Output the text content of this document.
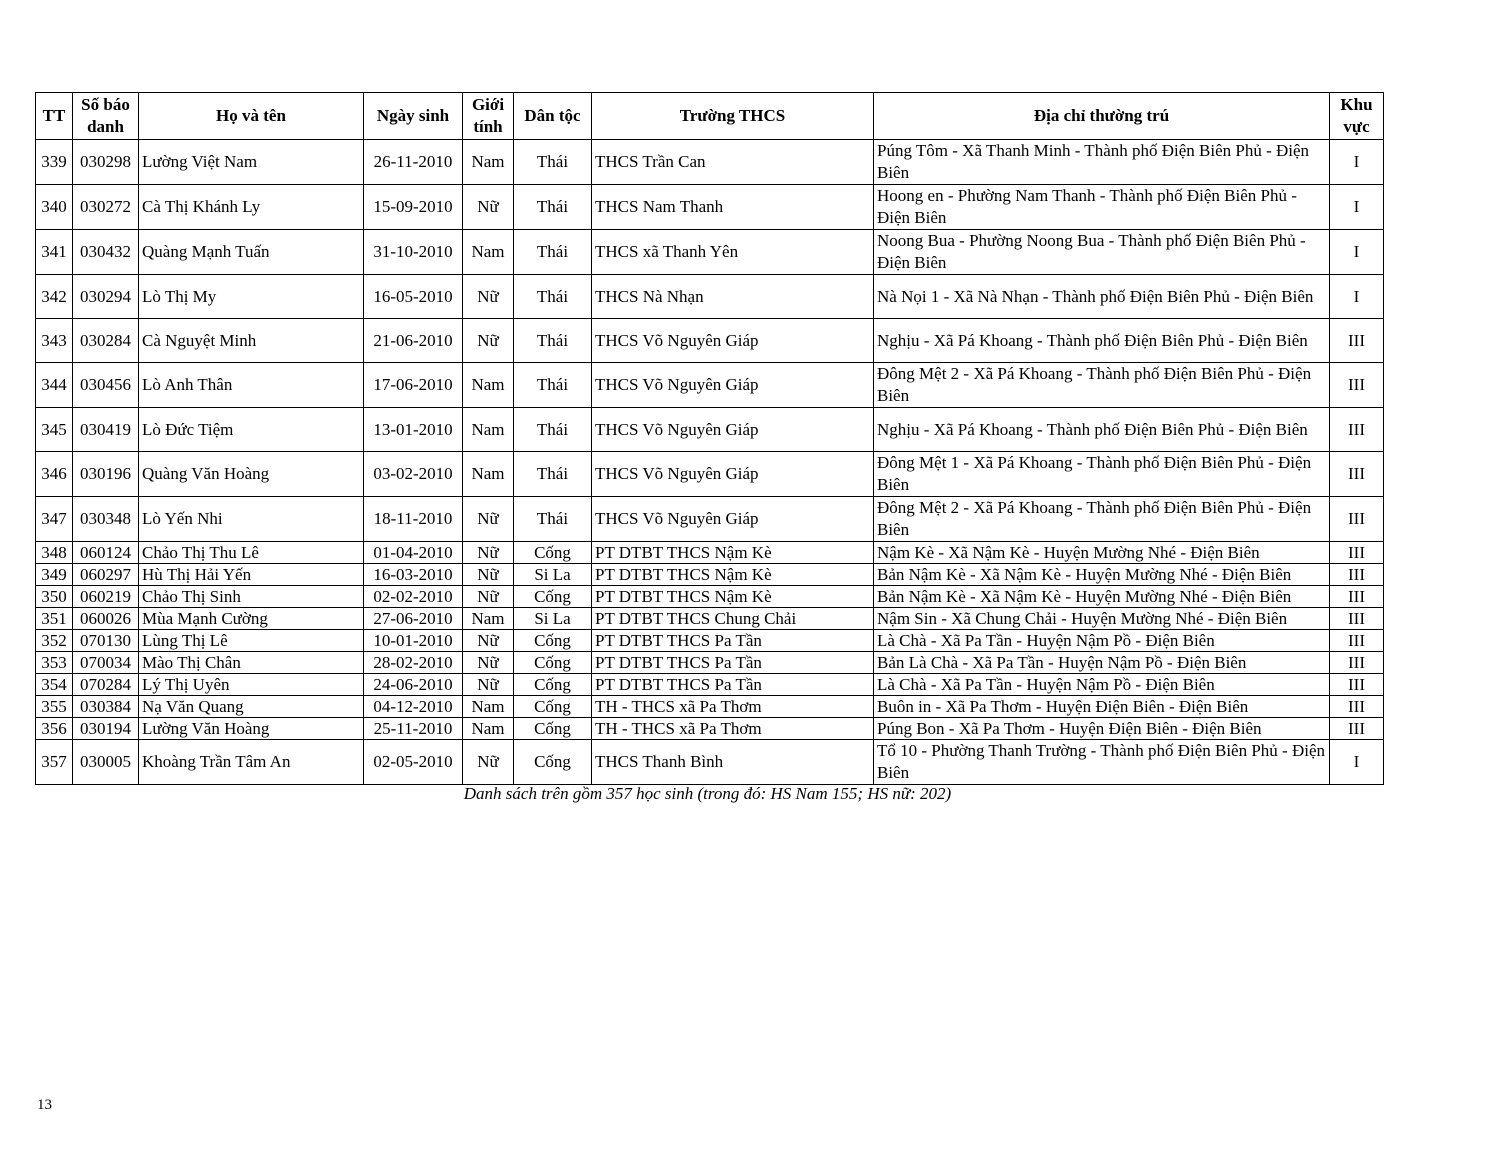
TT	Số báo danh	Họ và tên	Ngày sinh	Giới tính	Dân tộc	Trường THCS	Địa chỉ thường trú	Khu vực
339	030298	Lường Việt Nam	26-11-2010	Nam	Thái	THCS Trần Can	Púng Tôm - Xã Thanh Minh - Thành phố Điện Biên Phủ - Điện Biên	I
340	030272	Cà Thị Khánh Ly	15-09-2010	Nữ	Thái	THCS Nam Thanh	Hoong en - Phường Nam Thanh - Thành phố Điện Biên Phủ - Điện Biên	I
341	030432	Quàng Mạnh Tuấn	31-10-2010	Nam	Thái	THCS xã Thanh Yên	Noong Bua - Phường Noong Bua - Thành phố Điện Biên Phủ - Điện Biên	I
342	030294	Lò Thị My	16-05-2010	Nữ	Thái	THCS Nà Nhạn	Nà Nọi 1 - Xã Nà Nhạn - Thành phố Điện Biên Phủ - Điện Biên	I
343	030284	Cà Nguyệt Minh	21-06-2010	Nữ	Thái	THCS Võ Nguyên Giáp	Nghịu - Xã Pá Khoang - Thành phố Điện Biên Phủ - Điện Biên	III
344	030456	Lò Anh Thân	17-06-2010	Nam	Thái	THCS Võ Nguyên Giáp	Đông Mệt 2 - Xã Pá Khoang - Thành phố Điện Biên Phủ - Điện Biên	III
345	030419	Lò Đức Tiệm	13-01-2010	Nam	Thái	THCS Võ Nguyên Giáp	Nghịu - Xã Pá Khoang - Thành phố Điện Biên Phủ - Điện Biên	III
346	030196	Quàng Văn Hoàng	03-02-2010	Nam	Thái	THCS Võ Nguyên Giáp	Đông Mệt 1 - Xã Pá Khoang - Thành phố Điện Biên Phủ - Điện Biên	III
347	030348	Lò Yến Nhi	18-11-2010	Nữ	Thái	THCS Võ Nguyên Giáp	Đông Mệt 2 - Xã Pá Khoang - Thành phố Điện Biên Phủ - Điện Biên	III
348	060124	Chảo Thị Thu Lê	01-04-2010	Nữ	Cống	PT DTBT THCS Nậm Kè	Nậm Kè - Xã Nậm Kè - Huyện Mường Nhé - Điện Biên	III
349	060297	Hù Thị Hải Yến	16-03-2010	Nữ	Si La	PT DTBT THCS Nậm Kè	Bản Nậm Kè - Xã Nậm Kè - Huyện Mường Nhé - Điện Biên	III
350	060219	Chảo Thị Sinh	02-02-2010	Nữ	Cống	PT DTBT THCS Nậm Kè	Bản Nậm Kè - Xã Nậm Kè - Huyện Mường Nhé - Điện Biên	III
351	060026	Mùa Mạnh Cường	27-06-2010	Nam	Si La	PT DTBT THCS Chung Chải	Nậm Sin - Xã Chung Chải - Huyện Mường Nhé - Điện Biên	III
352	070130	Lùng Thị Lê	10-01-2010	Nữ	Cống	PT DTBT THCS Pa Tần	Là Chà - Xã Pa Tần - Huyện Nậm Pồ - Điện Biên	III
353	070034	Mào Thị Chân	28-02-2010	Nữ	Cống	PT DTBT THCS Pa Tần	Bản Là Chà - Xã Pa Tần - Huyện Nậm Pồ - Điện Biên	III
354	070284	Lý Thị Uyên	24-06-2010	Nữ	Cống	PT DTBT THCS Pa Tần	Là Chà - Xã Pa Tần - Huyện Nậm Pồ - Điện Biên	III
355	030384	Nạ Văn Quang	04-12-2010	Nam	Cống	TH - THCS xã Pa Thơm	Buôn in - Xã Pa Thơm - Huyện Điện Biên - Điện Biên	III
356	030194	Lường Văn Hoàng	25-11-2010	Nam	Cống	TH - THCS xã Pa Thơm	Púng Bon - Xã Pa Thơm - Huyện Điện Biên - Điện Biên	III
357	030005	Khoàng Trần Tâm An	02-05-2010	Nữ	Cống	THCS Thanh Bình	Tổ 10 - Phường Thanh Trường - Thành phố Điện Biên Phủ - Điện Biên	I
Danh sách trên gồm 357 học sinh (trong đó: HS Nam 155; HS nữ: 202)
13
